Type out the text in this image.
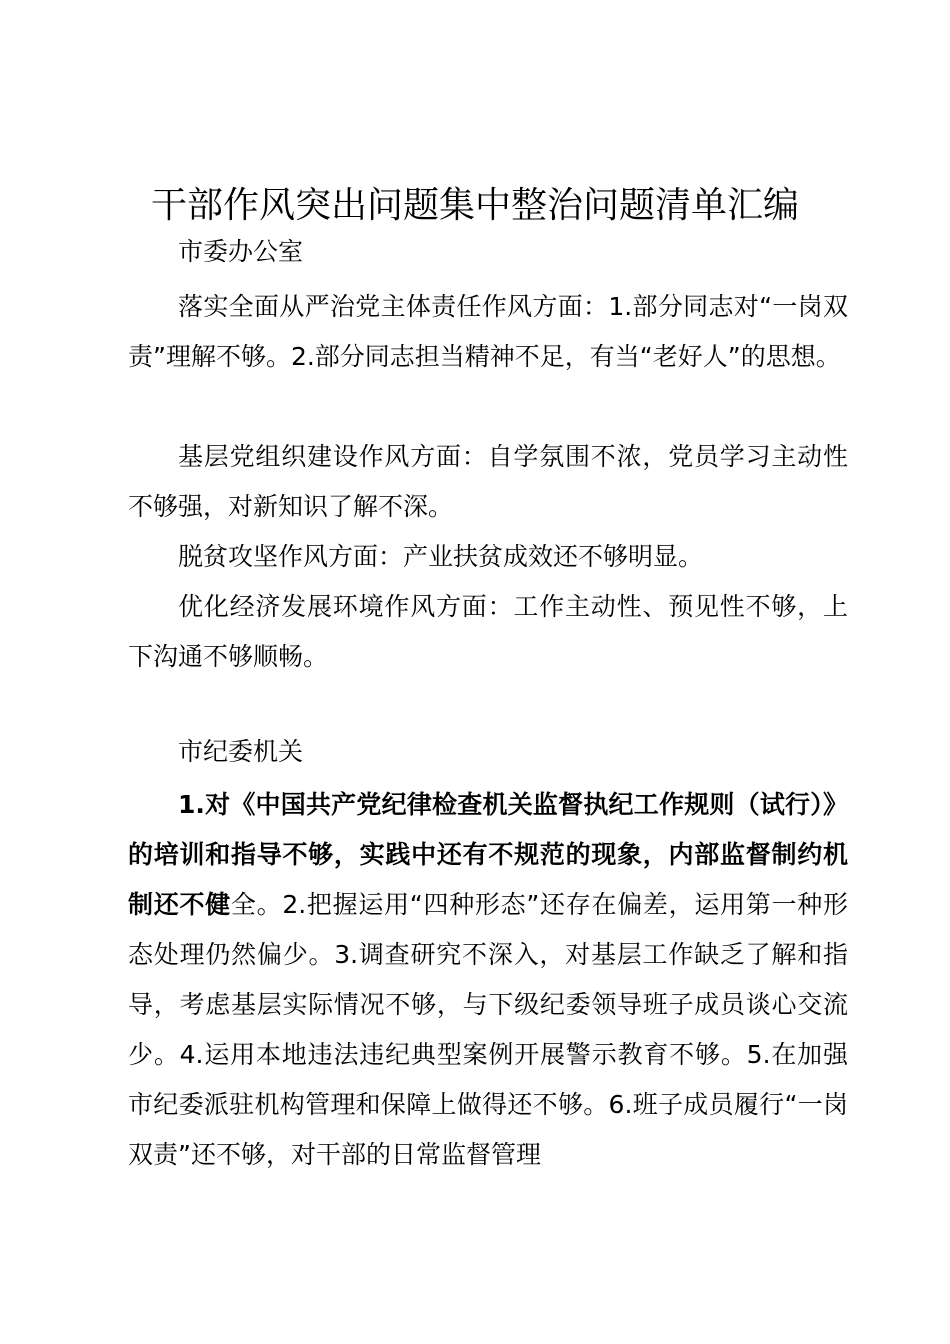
干部作风突出问题集中整治问题清单汇编
市委办公室
落实全面从严治党主体责任作风方面：1.部分同志对“一岗双责”理解不够。2.部分同志担当精神不足，有当“老好人”的思想。
基层党组织建设作风方面：自学氛围不浓，党员学习主动性不够强，对新知识了解不深。
脱贫攻坚作风方面：产业扶贫成效还不够明显。
优化经济发展环境作风方面：工作主动性、预见性不够，上下沟通不够顺畅。
市纪委机关
1.对《中国共产党纪律检查机关监督执纪工作规则（试行）》的培训和指导不够，实践中还有不规范的现象，内部监督制约机制还不健全。2.把握运用“四种形态”还存在偏差，运用第一种形态处理仍然偏少。3.调查研究不深入，对基层工作缺乏了解和指导，考虑基层实际情况不够，与下级纪委领导班子成员谈心交流少。4.运用本地违法违纪典型案例开展警示教育不够。5.在加强市纪委派驻机构管理和保障上做得还不够。6.班子成员履行“一岗双责”还不够，对干部的日常监督管理
